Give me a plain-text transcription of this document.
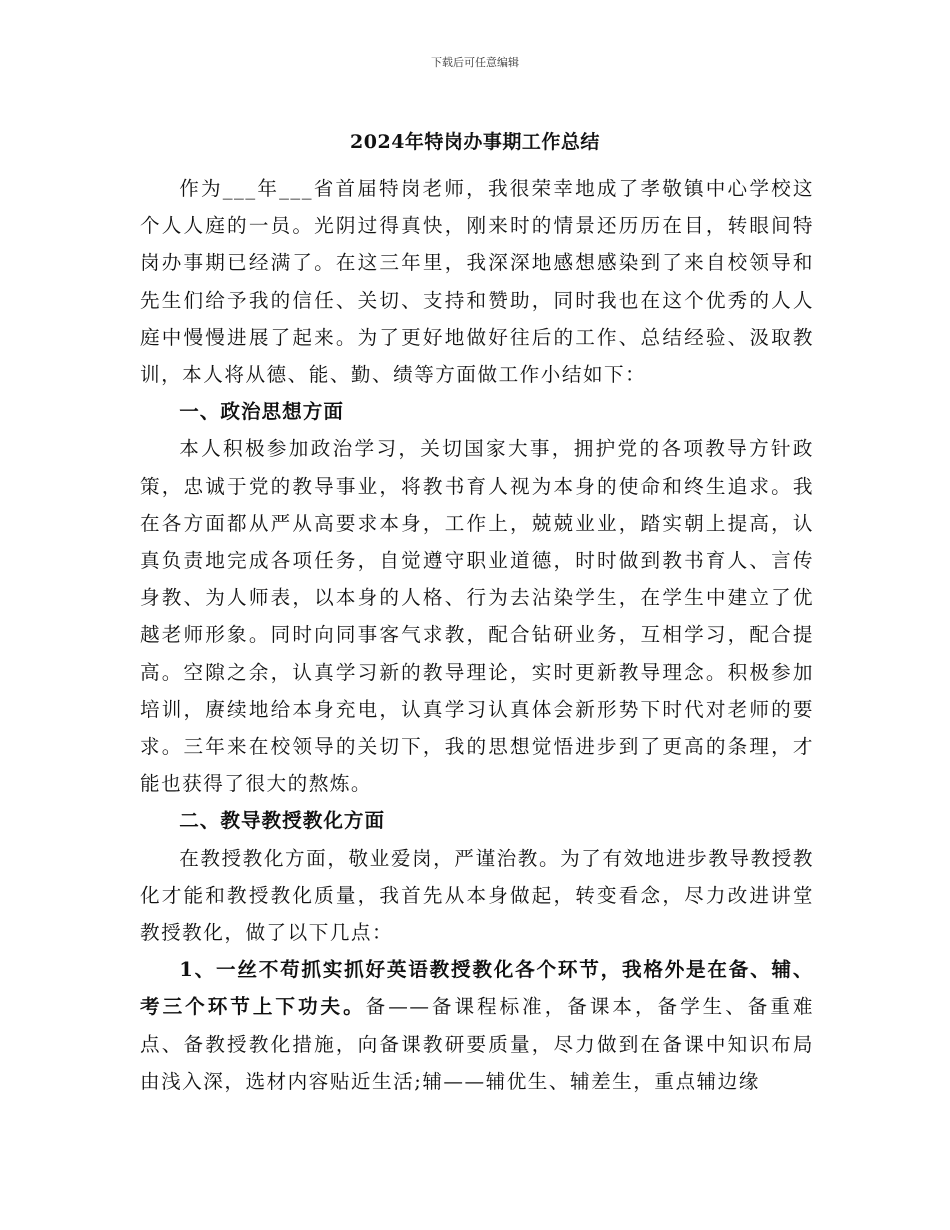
下载后可任意编辑
2024年特岗办事期工作总结

作为___年___省首届特岗老师，我很荣幸地成了孝敬镇中心学校这个人人庭的一员。光阴过得真快，刚来时的情景还历历在目，转眼间特岗办事期已经满了。在这三年里，我深深地感想感染到了来自校领导和先生们给予我的信任、关切、支持和赞助，同时我也在这个优秀的人人庭中慢慢进展了起来。为了更好地做好往后的工作、总结经验、汲取教训，本人将从德、能、勤、绩等方面做工作小结如下：

一、政治思想方面

本人积极参加政治学习，关切国家大事，拥护党的各项教导方针政策，忠诚于党的教导事业，将教书育人视为本身的使命和终生追求。我在各方面都从严从高要求本身，工作上，兢兢业业，踏实朝上提高，认真负责地完成各项任务，自觉遵守职业道德，时时做到教书育人、言传身教、为人师表，以本身的人格、行为去沾染学生，在学生中建立了优越老师形象。同时向同事客气求教，配合钻研业务，互相学习，配合提高。空隙之余，认真学习新的教导理论，实时更新教导理念。积极参加培训，赓续地给本身充电，认真学习认真体会新形势下时代对老师的要求。三年来在校领导的关切下，我的思想觉悟进步到了更高的条理，才能也获得了很大的熬炼。

二、教导教授教化方面

在教授教化方面，敬业爱岗，严谨治教。为了有效地进步教导教授教化才能和教授教化质量，我首先从本身做起，转变看念，尽力改进讲堂教授教化，做了以下几点：

1、一丝不苟抓实抓好英语教授教化各个环节，我格外是在备、辅、考三个环节上下功夫。备——备课程标准，备课本，备学生、备重难点、备教授教化措施，向备课教研要质量，尽力做到在备课中知识布局由浅入深，选材内容贴近生活;辅——辅优生、辅差生，重点辅边缘
